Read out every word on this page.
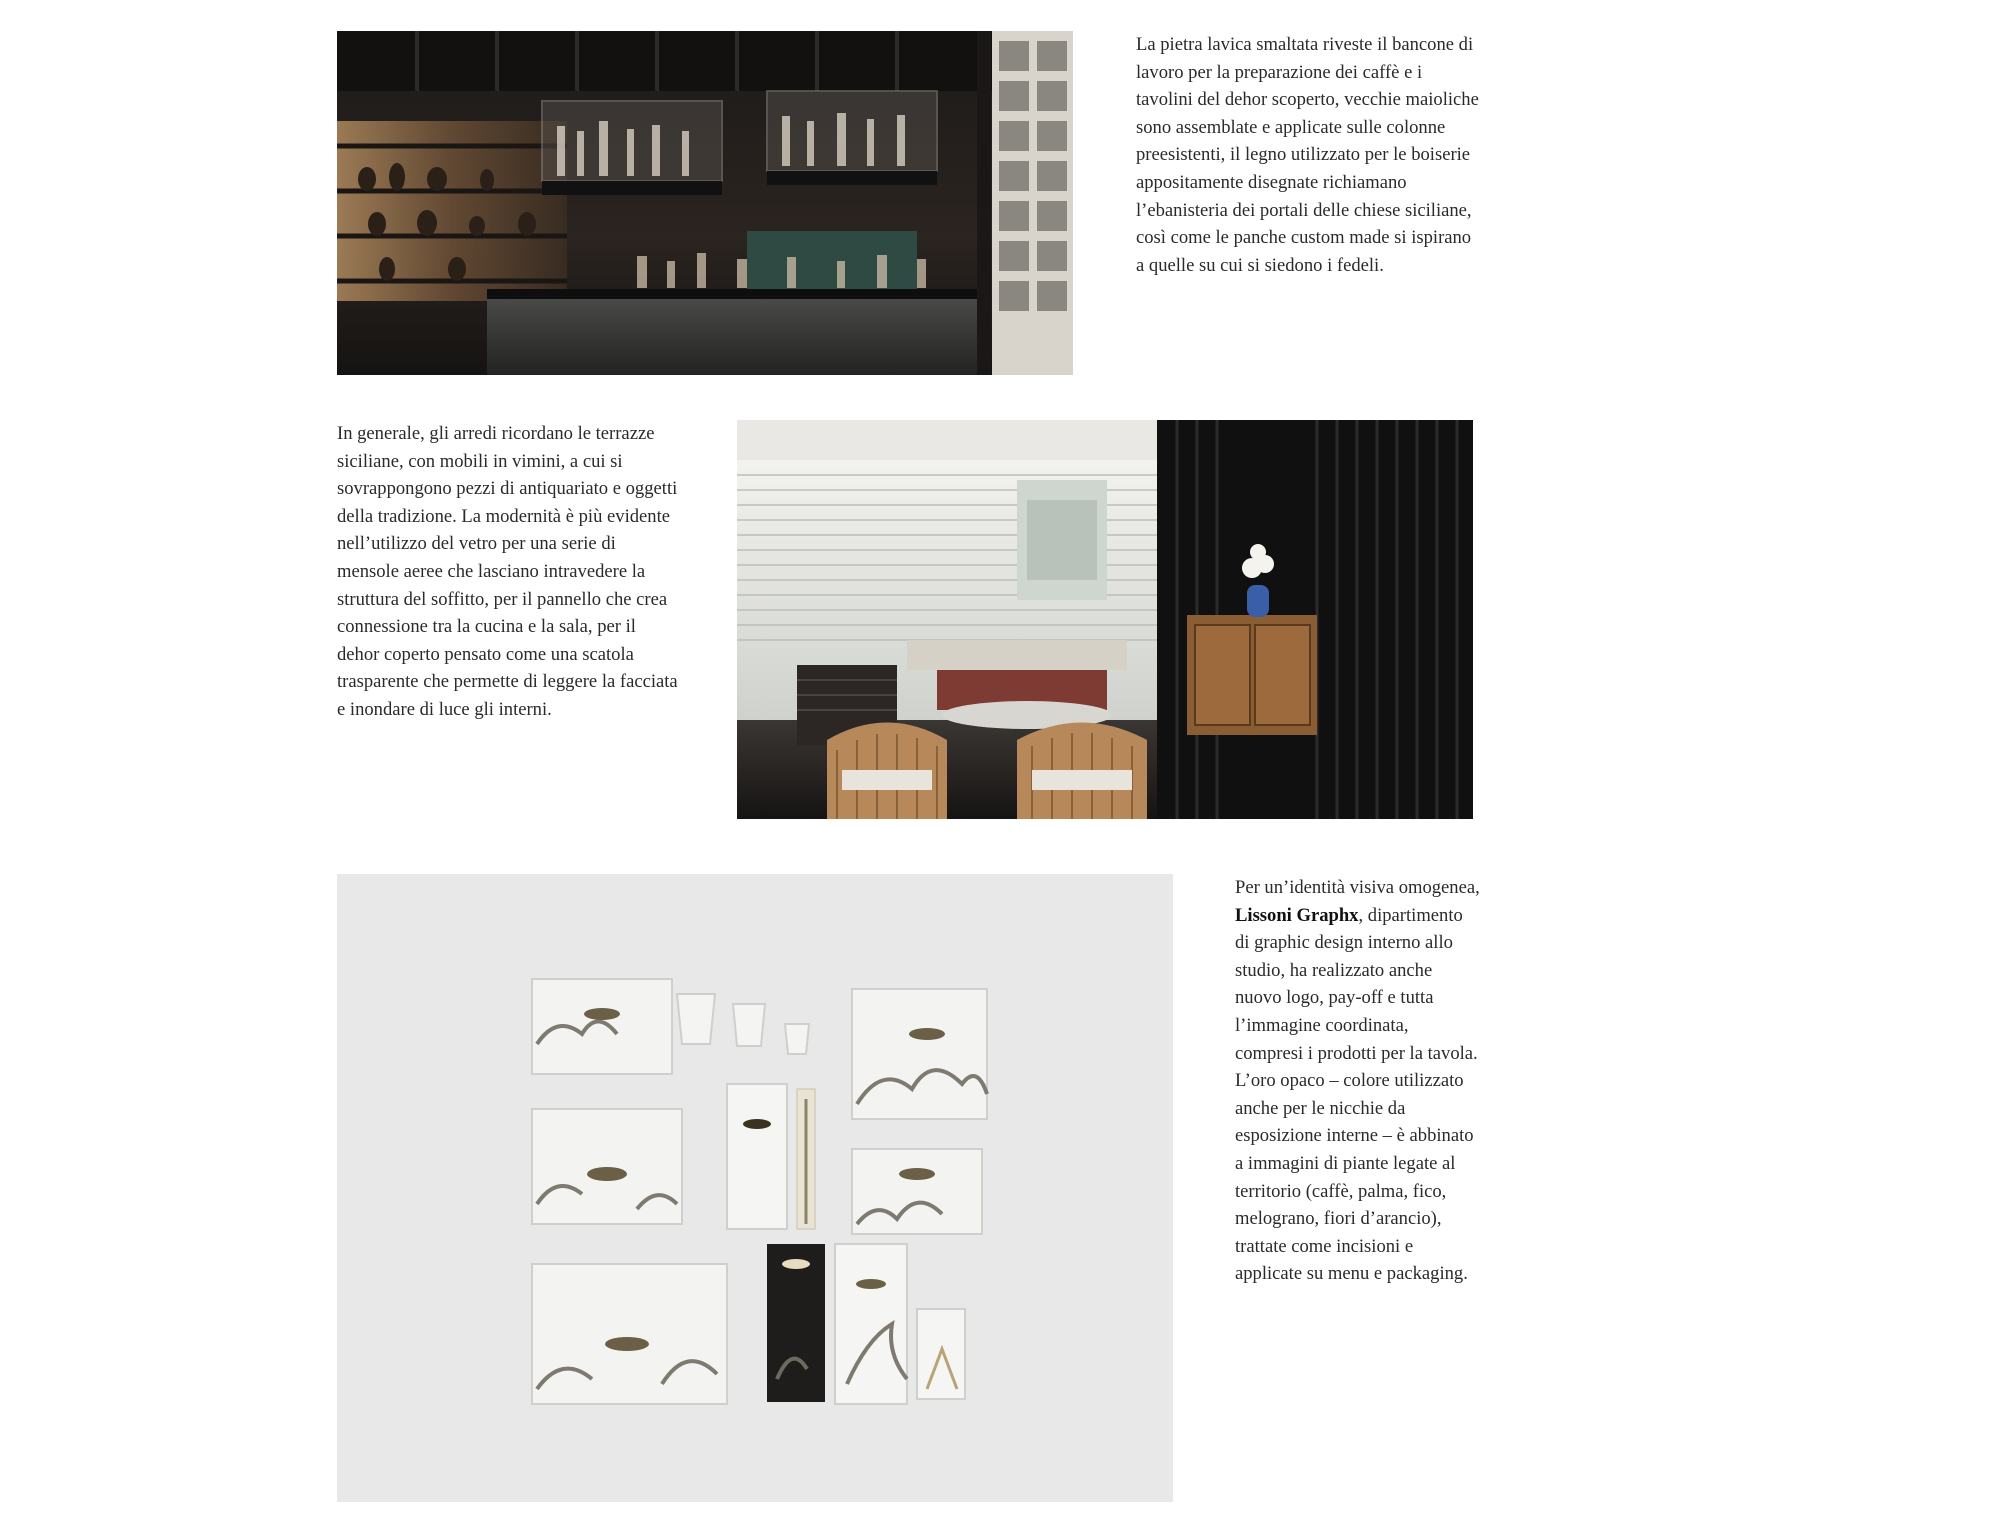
La pietra lavica smaltata riveste il bancone di lavoro per la preparazione dei caffè e i tavolini del dehor scoperto, vecchie maioliche sono assemblate e applicate sulle colonne preesistenti, il legno utilizzato per le boiserie appositamente disegnate richiamano l’ebanisteria dei portali delle chiese siciliane, così come le panche custom made si ispirano a quelle su cui si siedono i fedeli.

In generale, gli arredi ricordano le terrazze siciliane, con mobili in vimini, a cui si sovrappongono pezzi di antiquariato e oggetti della tradizione. La modernità è più evidente nell’utilizzo del vetro per una serie di mensole aeree che lasciano intravedere la struttura del soffitto, per il pannello che crea connessione tra la cucina e la sala, per il dehor coperto pensato come una scatola trasparente che permette di leggere la facciata e inondare di luce gli interni.

Per un’identità visiva omogenea, Lissoni Graphx, dipartimento di graphic design interno allo studio, ha realizzato anche nuovo logo, pay-off e tutta l’immagine coordinata, compresi i prodotti per la tavola. L’oro opaco – colore utilizzato anche per le nicchie da esposizione interne – è abbinato a immagini di piante legate al territorio (caffè, palma, fico, melograno, fiori d’arancio), trattate come incisioni e applicate su menu e packaging.
